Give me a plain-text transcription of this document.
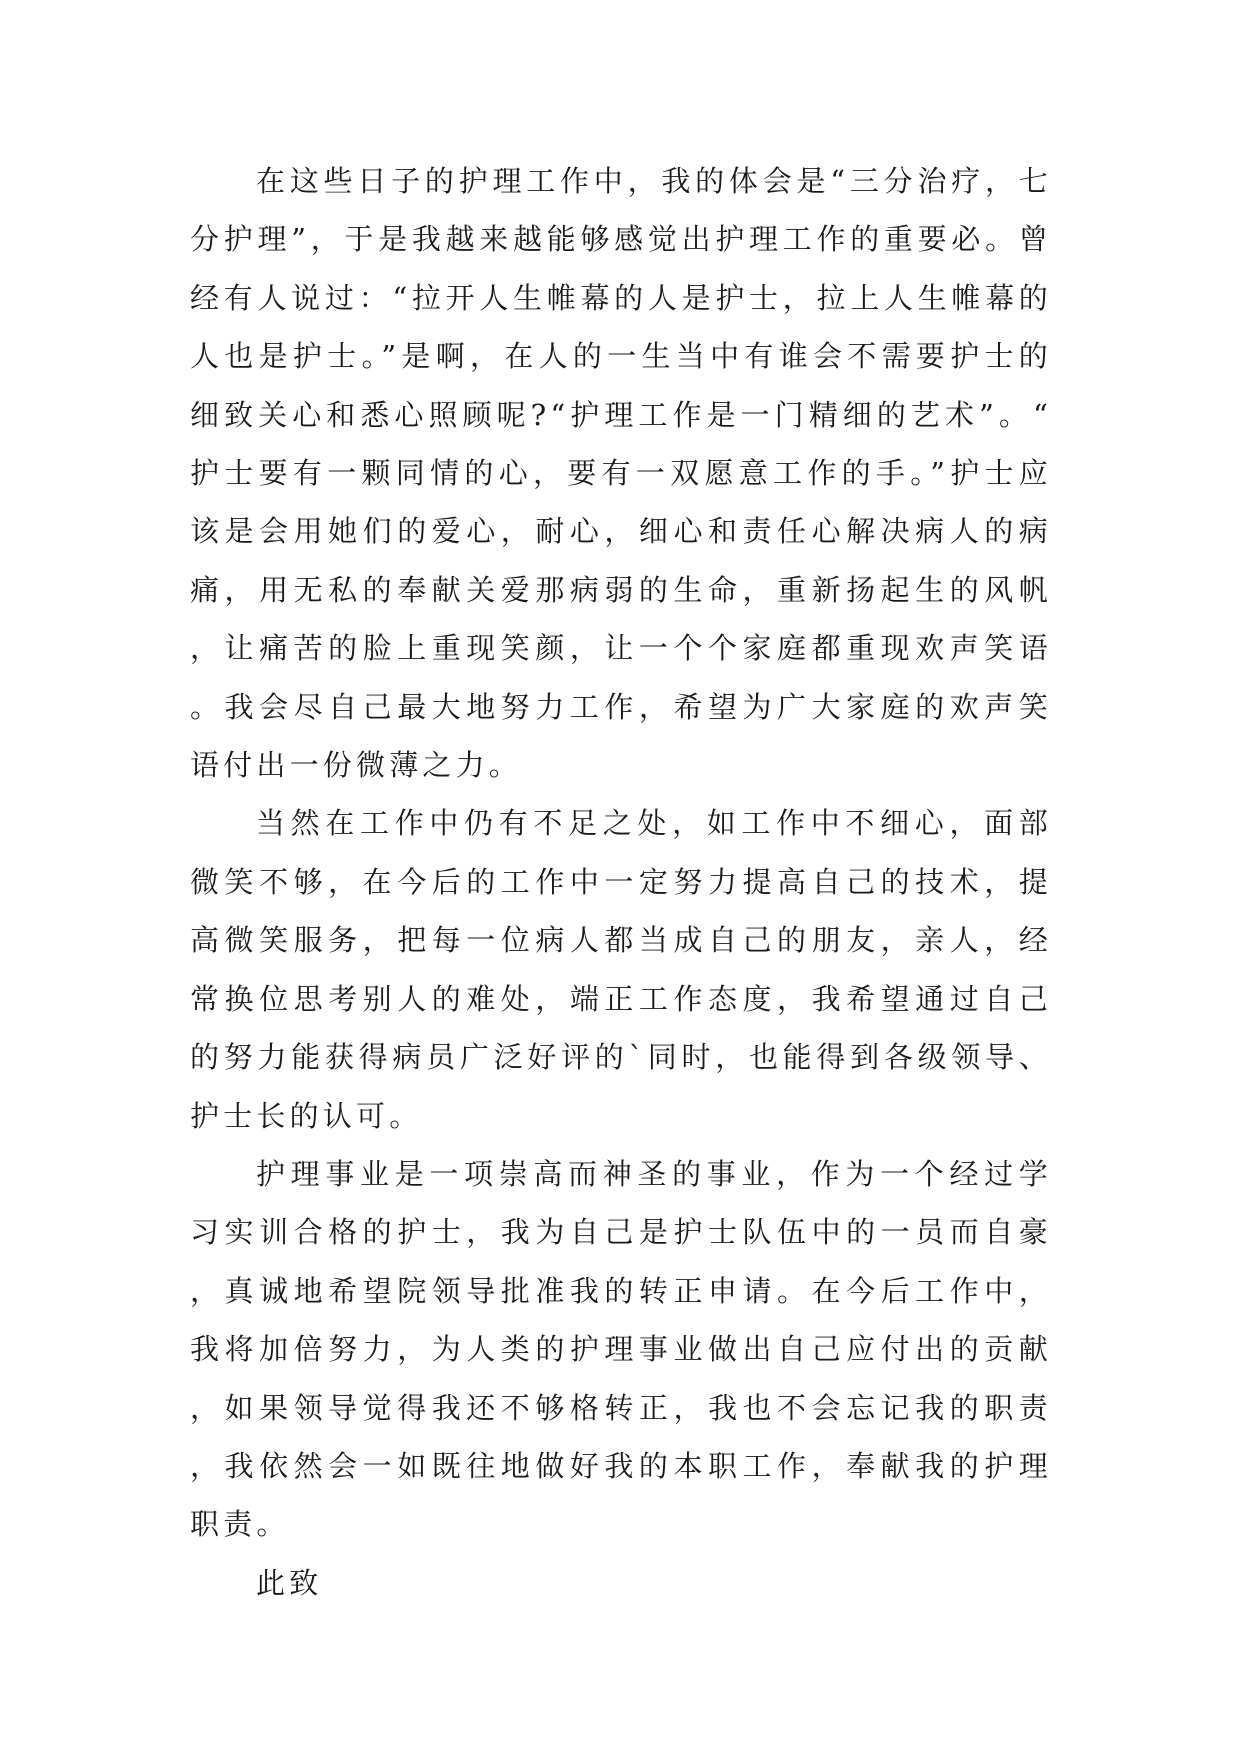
在这些日子的护理工作中，我的体会是“三分治疗，七分护理”，于是我越来越能够感觉出护理工作的重要必。曾经有人说过：“拉开人生帷幕的人是护士，拉上人生帷幕的人也是护士。”是啊，在人的一生当中有谁会不需要护士的细致关心和悉心照顾呢?“护理工作是一门精细的艺术”。“护士要有一颗同情的心，要有一双愿意工作的手。”护士应该是会用她们的爱心，耐心，细心和责任心解决病人的病痛，用无私的奉献关爱那病弱的生命，重新扬起生的风帆，让痛苦的脸上重现笑颜，让一个个家庭都重现欢声笑语。我会尽自己最大地努力工作，希望为广大家庭的欢声笑语付出一份微薄之力。

当然在工作中仍有不足之处，如工作中不细心，面部微笑不够，在今后的工作中一定努力提高自己的技术，提高微笑服务，把每一位病人都当成自己的朋友，亲人，经常换位思考别人的难处，端正工作态度，我希望通过自己的努力能获得病员广泛好评的`同时，也能得到各级领导、护士长的认可。

护理事业是一项崇高而神圣的事业，作为一个经过学习实训合格的护士，我为自己是护士队伍中的一员而自豪，真诚地希望院领导批准我的转正申请。在今后工作中，我将加倍努力，为人类的护理事业做出自己应付出的贡献，如果领导觉得我还不够格转正，我也不会忘记我的职责，我依然会一如既往地做好我的本职工作，奉献我的护理职责。

此致
